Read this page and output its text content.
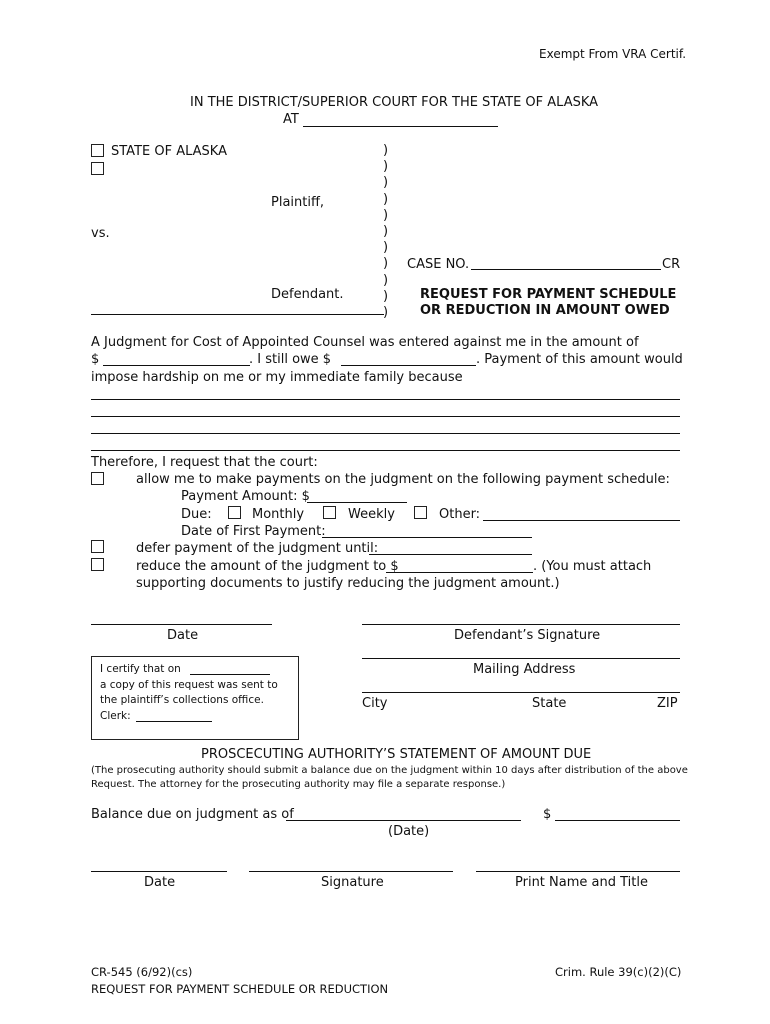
Exempt From VRA Certif.
IN THE DISTRICT/SUPERIOR COURT FOR THE STATE OF ALASKA
AT
STATE OF ALASKA
Plaintiff,
vs.
Defendant.
)
)
)
)
)
)
)
)
)
)
)
CASE NO.	CR
REQUEST FOR PAYMENT SCHEDULE
OR REDUCTION IN AMOUNT OWED
A Judgment for Cost of Appointed Counsel was entered against me in the amount of
$	. I still owe $	. Payment of this amount would
impose hardship on me or my immediate family because
Therefore, I request that the court:
allow me to make payments on the judgment on the following payment schedule:
Payment Amount: $
Due:	Monthly	Weekly	Other:
Date of First Payment:
defer payment of the judgment until:
reduce the amount of the judgment to $	. (You must attach
supporting documents to justify reducing the judgment amount.)
Date	Defendant’s Signature
Mailing Address
City	State	ZIP
I certify that on
a copy of this request was sent to
the plaintiff’s collections office.
Clerk:
PROSCECUTING AUTHORITY’S STATEMENT OF AMOUNT DUE
(The prosecuting authority should submit a balance due on the judgment within 10 days after distribution of the above
Request. The attorney for the prosecuting authority may file a separate response.)
Balance due on judgment as of	$
(Date)
Date	Signature	Print Name and Title
CR-545 (6/92)(cs)
REQUEST FOR PAYMENT SCHEDULE OR REDUCTION
Crim. Rule 39(c)(2)(C)
